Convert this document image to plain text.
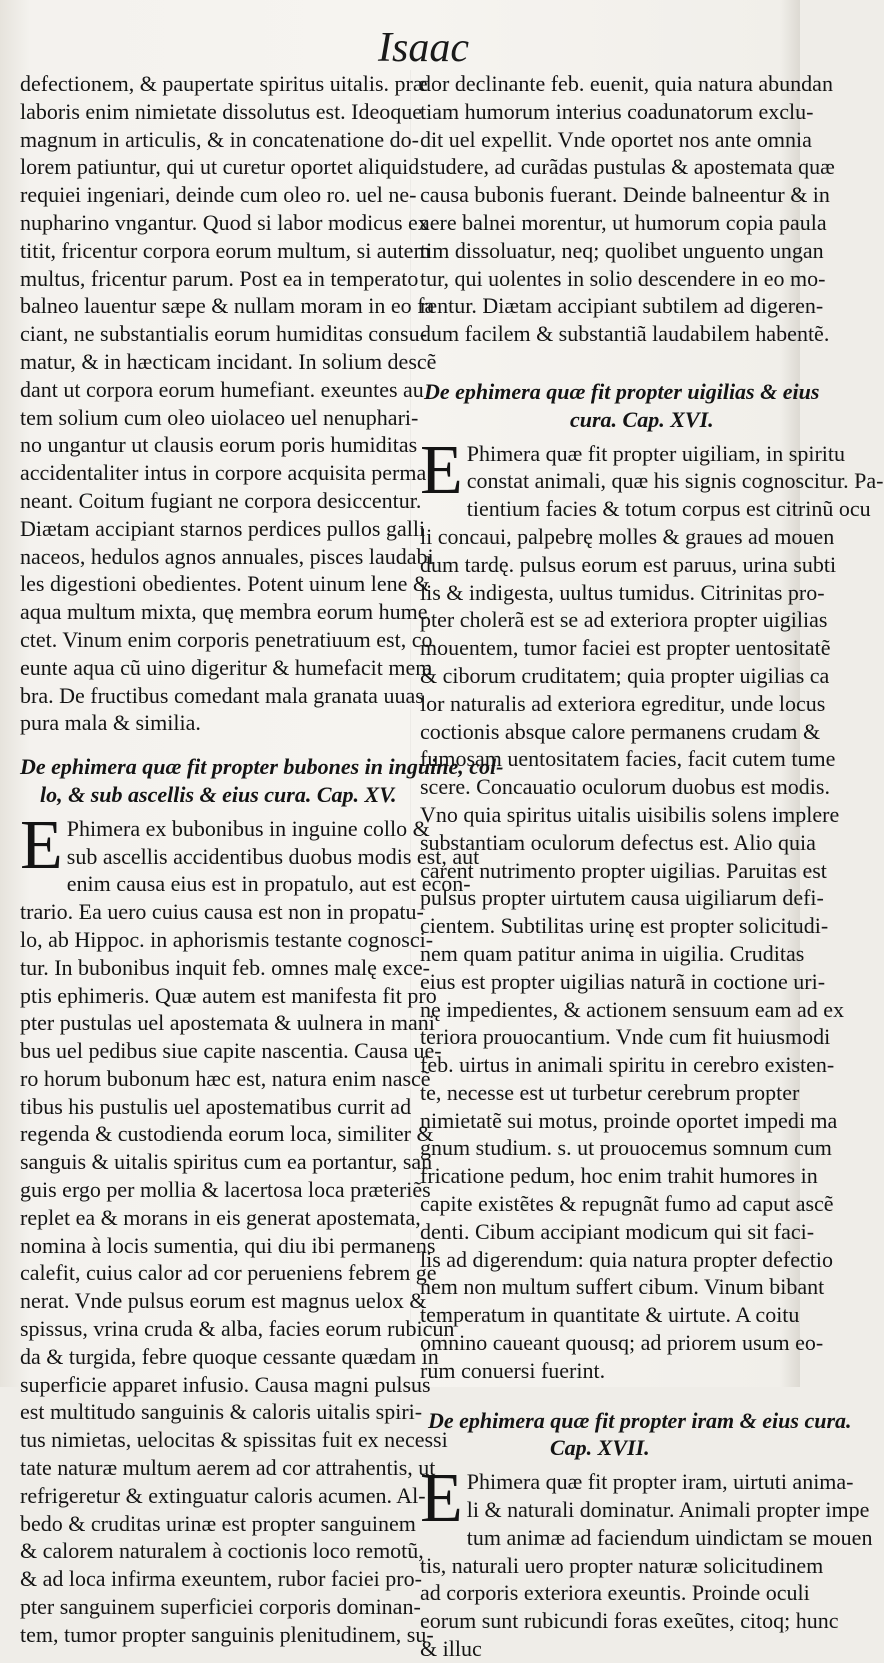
Isaac
defectionem, & paupertate spiritus uitalis. præ
laboris enim nimietate dissolutus est. Ideoque
magnum in articulis, & in concatenatione do-
lorem patiuntur, qui ut curetur oportet aliquid
requiei ingeniari, deinde cum oleo ro. uel ne-
nupharino vngantur. Quod si labor modicus ex
titit, fricentur corpora eorum multum, si autem
multus, fricentur parum. Post ea in temperato
balneo lauentur sæpe & nullam moram in eo fa
ciant, ne substantialis eorum humiditas consu-
matur, & in hæcticam incidant. In solium descẽ
dant ut corpora eorum humefiant. exeuntes au
tem solium cum oleo uiolaceo uel nenuphari-
no ungantur ut clausis eorum poris humiditas
accidentaliter intus in corpore acquisita perma
neant. Coitum fugiant ne corpora desiccentur.
Diætam accipiant starnos perdices pullos galli
naceos, hedulos agnos annuales, pisces laudabi
les digestioni obedientes. Potent uinum lene &
aqua multum mixta, quę membra eorum hume
ctet. Vinum enim corporis penetratiuum est, co
eunte aqua cũ uino digeritur & humefacit mem
bra. De fructibus comedant mala granata uuas
pura mala & similia.
De ephimera quæ fit propter bubones in inguine, col-
lo, & sub ascellis & eius cura. Cap. XV.
E Phimera ex bubonibus in inguine collo &
sub ascellis accidentibus duobus modis est, aut
enim causa eius est in propatulo, aut est econ-
trario. Ea uero cuius causa est non in propatu-
lo, ab Hippoc. in aphorismis testante cognosci-
tur. In bubonibus inquit feb. omnes malę exce-
ptis ephimeris. Quæ autem est manifesta fit pro
pter pustulas uel apostemata & uulnera in mani
bus uel pedibus siue capite nascentia. Causa ue-
ro horum bubonum hæc est, natura enim nascẽ
tibus his pustulis uel apostematibus currit ad
regenda & custodienda eorum loca, similiter &
sanguis & uitalis spiritus cum ea portantur, san
guis ergo per mollia & lacertosa loca præteriẽs
replet ea & morans in eis generat apostemata,
nomina à locis sumentia, qui diu ibi permanens
calefit, cuius calor ad cor perueniens febrem ge
nerat. Vnde pulsus eorum est magnus uelox &
spissus, vrina cruda & alba, facies eorum rubicun
da & turgida, febre quoque cessante quædam in
superficie apparet infusio. Causa magni pulsus
est multitudo sanguinis & caloris uitalis spiri-
tus nimietas, uelocitas & spissitas fuit ex necessi
tate naturæ multum aerem ad cor attrahentis, ut
refrigeretur & extinguatur caloris acumen. Al-
bedo & cruditas urinæ est propter sanguinem
& calorem naturalem à coctionis loco remotũ,
& ad loca infirma exeuntem, rubor faciei pro-
pter sanguinem superficiei corporis dominan-
tem, tumor propter sanguinis plenitudinem, su-
dor declinante feb. euenit, quia natura abundan
tiam humorum interius coadunatorum exclu-
dit uel expellit. Vnde oportet nos ante omnia
studere, ad curãdas pustulas & apostemata quæ
causa bubonis fuerant. Deinde balneentur & in
aere balnei morentur, ut humorum copia paula
tim dissoluatur, neq; quolibet unguento ungan
tur, qui uolentes in solio descendere in eo mo-
rentur. Diætam accipiant subtilem ad digeren-
dum facilem & substantiã laudabilem habentẽ.
De ephimera quæ fit propter uigilias & eius
cura. Cap. XVI.
E Phimera quæ fit propter uigiliam, in spiritu
constat animali, quæ his signis cognoscitur. Pa-
tientium facies & totum corpus est citrinũ ocu
li concaui, palpebrę molles & graues ad mouen
dum tardę. pulsus eorum est paruus, urina subti
lis & indigesta, uultus tumidus. Citrinitas pro-
pter cholerã est se ad exteriora propter uigilias
mouentem, tumor faciei est propter uentositatẽ
& ciborum cruditatem; quia propter uigilias ca
lor naturalis ad exteriora egreditur, unde locus
coctionis absque calore permanens crudam &
fumosam uentositatem facies, facit cutem tume
scere. Concauatio oculorum duobus est modis.
Vno quia spiritus uitalis uisibilis solens implere
substantiam oculorum defectus est. Alio quia
carent nutrimento propter uigilias. Paruitas est
pulsus propter uirtutem causa uigiliarum defi-
cientem. Subtilitas urinę est propter solicitudi-
nem quam patitur anima in uigilia. Cruditas
eius est propter uigilias naturã in coctione uri-
nę impedientes, & actionem sensuum eam ad ex
teriora prouocantium. Vnde cum fit huiusmodi
feb. uirtus in animali spiritu in cerebro existen-
te, necesse est ut turbetur cerebrum propter
nimietatẽ sui motus, proinde oportet impedi ma
gnum studium. s. ut prouocemus somnum cum
fricatione pedum, hoc enim trahit humores in
capite existẽtes & repugnãt fumo ad caput ascẽ
denti. Cibum accipiant modicum qui sit faci-
lis ad digerendum: quia natura propter defectio
nem non multum suffert cibum. Vinum bibant
temperatum in quantitate & uirtute. A coitu
omnino caueant quousq; ad priorem usum eo-
rum conuersi fuerint.
De ephimera quæ fit propter iram & eius cura.
Cap. XVII.
E Phimera quæ fit propter iram, uirtuti anima-
li & naturali dominatur. Animali propter impe
tum animæ ad faciendum uindictam se mouen
tis, naturali uero propter naturæ solicitudinem
ad corporis exteriora exeuntis. Proinde oculi
eorum sunt rubicundi foras exeũtes, citoq; hunc
& illuc
